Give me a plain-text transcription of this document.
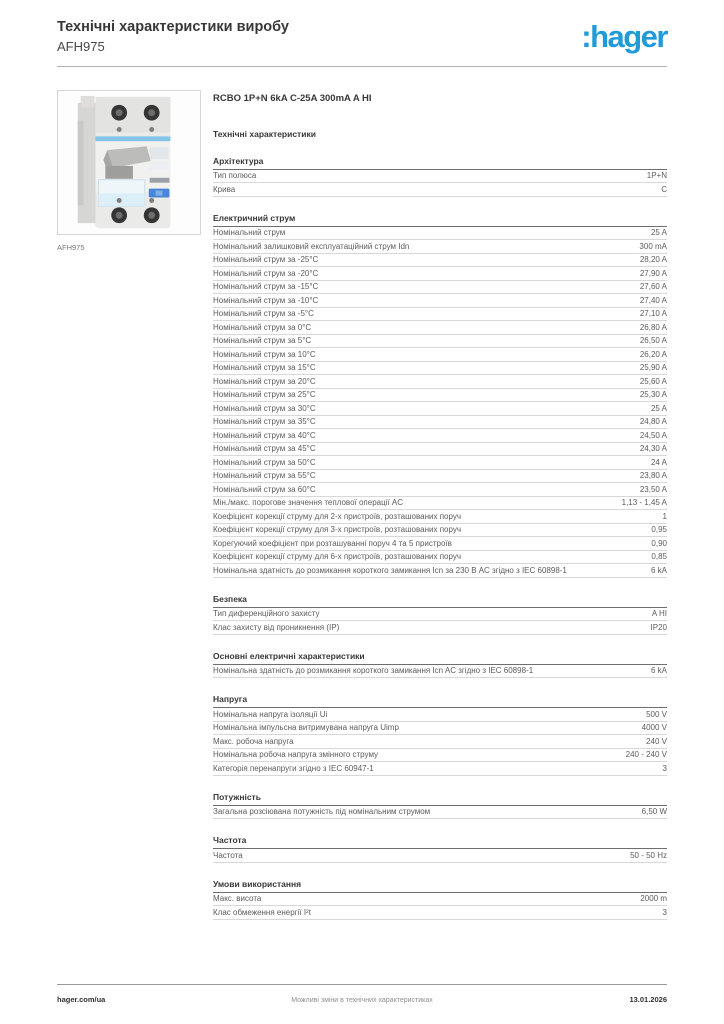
Технічні характеристики виробу
AFH975	:hager
AFH975
RCBO 1P+N 6kA C-25A 300mA A HI
Технічні характеристики
Архітектура
Тип полюса	1P+N
Крива	C
Електричний струм
Номінальний струм	25 A
Номінальний залишковий експлуатаційний струм Idn	300 mA
Номінальний струм за -25°C	28,20 A
Номінальний струм за -20°C	27,90 A
Номінальний струм за -15°C	27,60 A
Номінальний струм за -10°C	27,40 A
Номінальний струм за -5°C	27,10 A
Номінальний струм за 0°C	26,80 A
Номінальний струм за 5°C	26,50 A
Номінальний струм за 10°C	26,20 A
Номінальний струм за 15°C	25,90 A
Номінальний струм за 20°C	25,60 A
Номінальний струм за 25°C	25,30 A
Номінальний струм за 30°C	25 A
Номінальний струм за 35°C	24,80 A
Номінальний струм за 40°C	24,50 A
Номінальний струм за 45°C	24,30 A
Номінальний струм за 50°C	24 A
Номінальний струм за 55°C	23,80 A
Номінальний струм за 60°C	23,50 A
Мін./макс. порогове значення теплової операції AC	1,13 - 1,45 A
Коефіцієнт корекції струму для 2-х пристроїв, розташованих поруч	1
Коефіцієнт корекції струму для 3-х пристроїв, розташованих поруч	0,95
Корегуючий коефіцієнт при розташуванні поруч 4 та 5 пристроїв	0,90
Коефіцієнт корекції струму для 6-х пристроїв, розташованих поруч	0,85
Номінальна здатність до розмикання короткого замикання Icn за 230 В АС згідно з IEC 60898-1	6 kA
Безпека
Тип диференційного захисту	A HI
Клас захисту від проникнення (IP)	IP20
Основні електричні характеристики
Номінальна здатність до розмикання короткого замикання Icn AC згідно з IEC 60898-1	6 kA
Напруга
Номінальна напруга ізоляції Ui	500 V
Номінальна імпульсна витримувана напруга Uimp	4000 V
Макс. робоча напруга	240 V
Номінальна робоча напруга змінного струму	240 - 240 V
Категорія перенапруги згідно з IEC 60947-1	3
Потужність
Загальна розсіювана потужність під номінальним струмом	6,50 W
Частота
Частота	50 - 50 Hz
Умови використання
Макс. висота	2000 m
Клас обмеження енергії I²t	3
hager.com/ua	Можливі зміни в технічних характеристиках	13.01.2026
